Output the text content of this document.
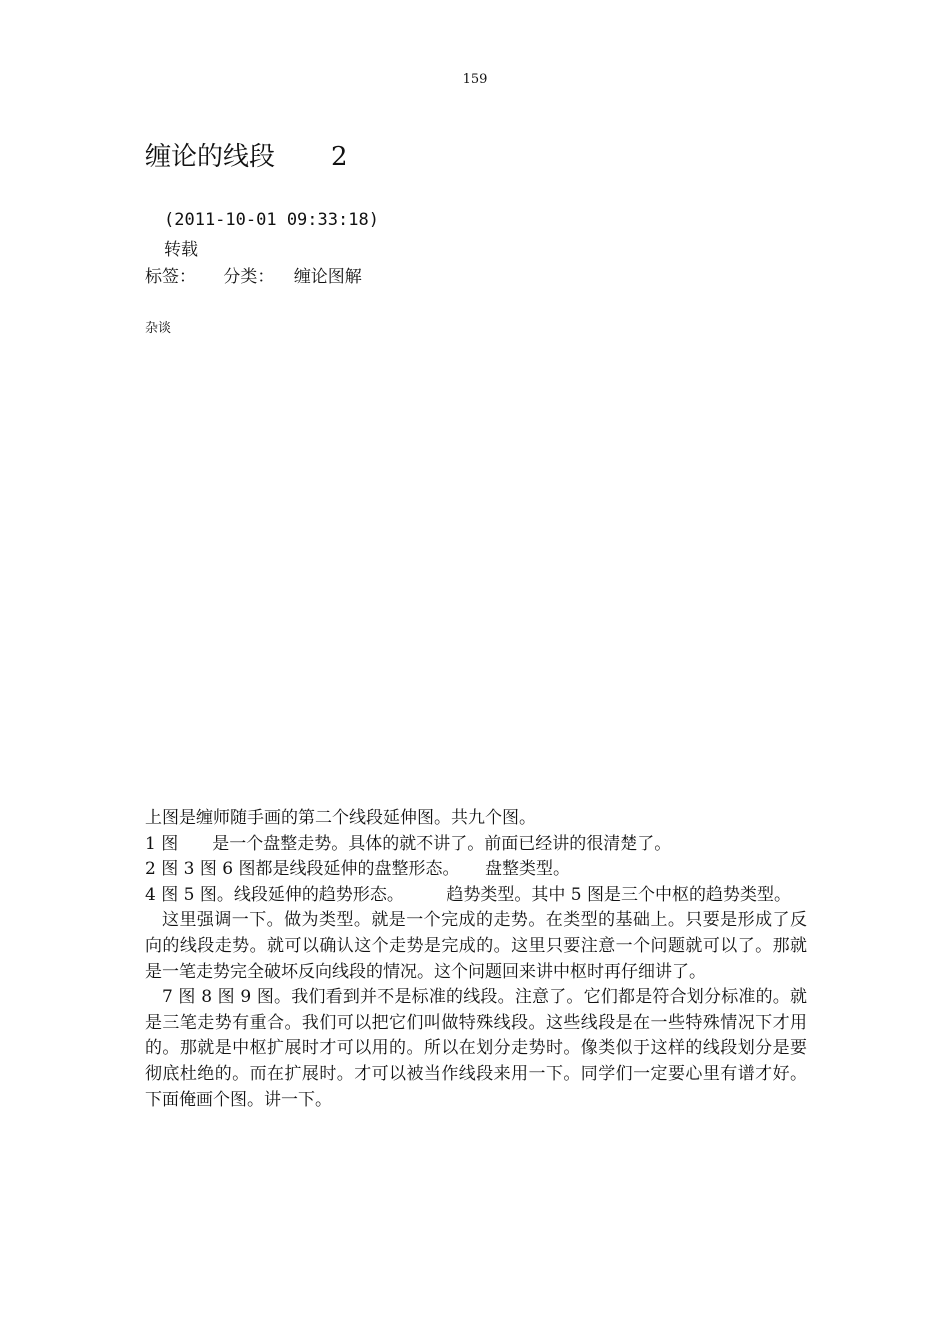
159
缠论的线段 2
(2011-10-01 09:33:18)
转载
标签： 分类： 缠论图解
杂谈

上图是缠师随手画的第二个线段延伸图。共九个图。

1 图　　是一个盘整走势。具体的就不讲了。前面已经讲的很清楚了。

2 图 3 图 6 图都是线段延伸的盘整形态。　　盘整类型。

4 图 5 图。线段延伸的趋势形态。　　　趋势类型。其中 5 图是三个中枢的趋势类型。

这里强调一下。做为类型。就是一个完成的走势。在类型的基础上。只要是形成了反向的线段走势。就可以确认这个走势是完成的。这里只要注意一个问题就可以了。那就是一笔走势完全破坏反向线段的情况。这个问题回来讲中枢时再仔细讲了。

7 图 8 图 9 图。我们看到并不是标准的线段。注意了。它们都是符合划分标准的。就是三笔走势有重合。我们可以把它们叫做特殊线段。这些线段是在一些特殊情况下才用的。那就是中枢扩展时才可以用的。所以在划分走势时。像类似于这样的线段划分是要彻底杜绝的。而在扩展时。才可以被当作线段来用一下。同学们一定要心里有谱才好。下面俺画个图。讲一下。
